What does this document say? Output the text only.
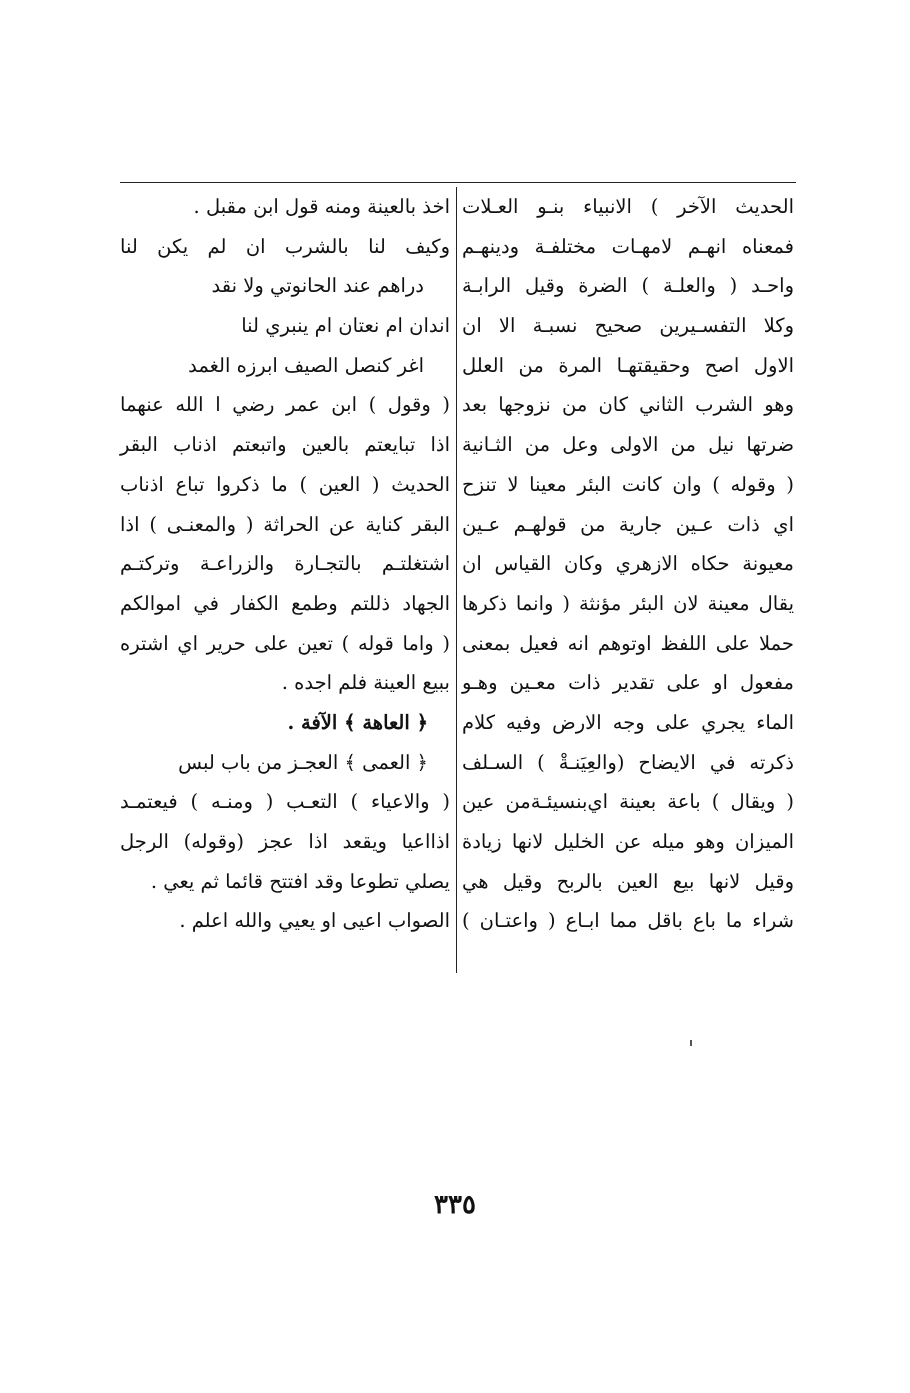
الحديث الآخر ) الانبياء بنـو العـلات
فمعناه انهـم لامهـات مختلفـة ودينهـم
واحـد ( والعلـة ) الضرة وقيل الرابـة
وكلا التفسـيرين صحيح نسبـة الا ان
الاول اصح وحقيقتهـا المرة من العلل
وهو الشرب الثاني كان من نزوجها بعد
ضرتها نيل من الاولى وعل من الثـانية
( وقوله ) وان كانت البئر معينا لا تنزح
اي ذات عـين جارية من قولهـم عـين
معيونة حكاه الازهري وكان القياس ان
يقال معينة لان البئر مؤنثة ( وانما ذكرها
حملا على اللفظ اوتوهم انه فعيل بمعنى
مفعول او على تقدير ذات معـين وهـو
الماء يجري على وجه الارض وفيه كلام
ذكرته في الايضاح (والعِيَنـةْ ) السـلف
( ويقال ) باعة بعينة اي‌بنسيئـةمن عين
الميزان وهو ميله عن الخليل لانها زيادة
وقيل لانها بيع العين بالربح وقيل هي
شراء ما باع باقل مما ابـاع ( واعتـان )
اخذ بالعينة ومنه قول ابن مقبل .
وكيف لنا بالشرب ان لم يكن لنا
دراهم عند الحانوتي ولا نقد
اندان ام نعتان ام ينبري لنا
اغر كنصل الصيف ابرزه الغمد
( وقول ) ابن عمر رضي ا الله عنهما
اذا تبايعتم بالعين واتبعتم اذناب البقر
الحديث ( العين ) ما ذكروا تباع اذناب
البقر كناية عن الحراثة ( والمعنـى ) اذا
اشتغلتـم بالتجـارة والزراعـة وتركتـم
الجهاد ذللتم وطمع الكفار في اموالكم
( واما قوله ) تعين على حرير اي اشتره
ببيع العينة فلم اجده .
﴿ العاهة ﴾ الآفة .
﴿ العمى ﴾ العجـز من باب لبس
( والاعياء ) التعـب ( ومنـه ) فيعتمـد
اذااعيا ويقعد اذا عجز (وقوله) الرجل
يصلي تطوعا وقد افتتح قائما ثم يعي .
الصواب اعيى او يعيي والله اعلم .
٣٣٥
